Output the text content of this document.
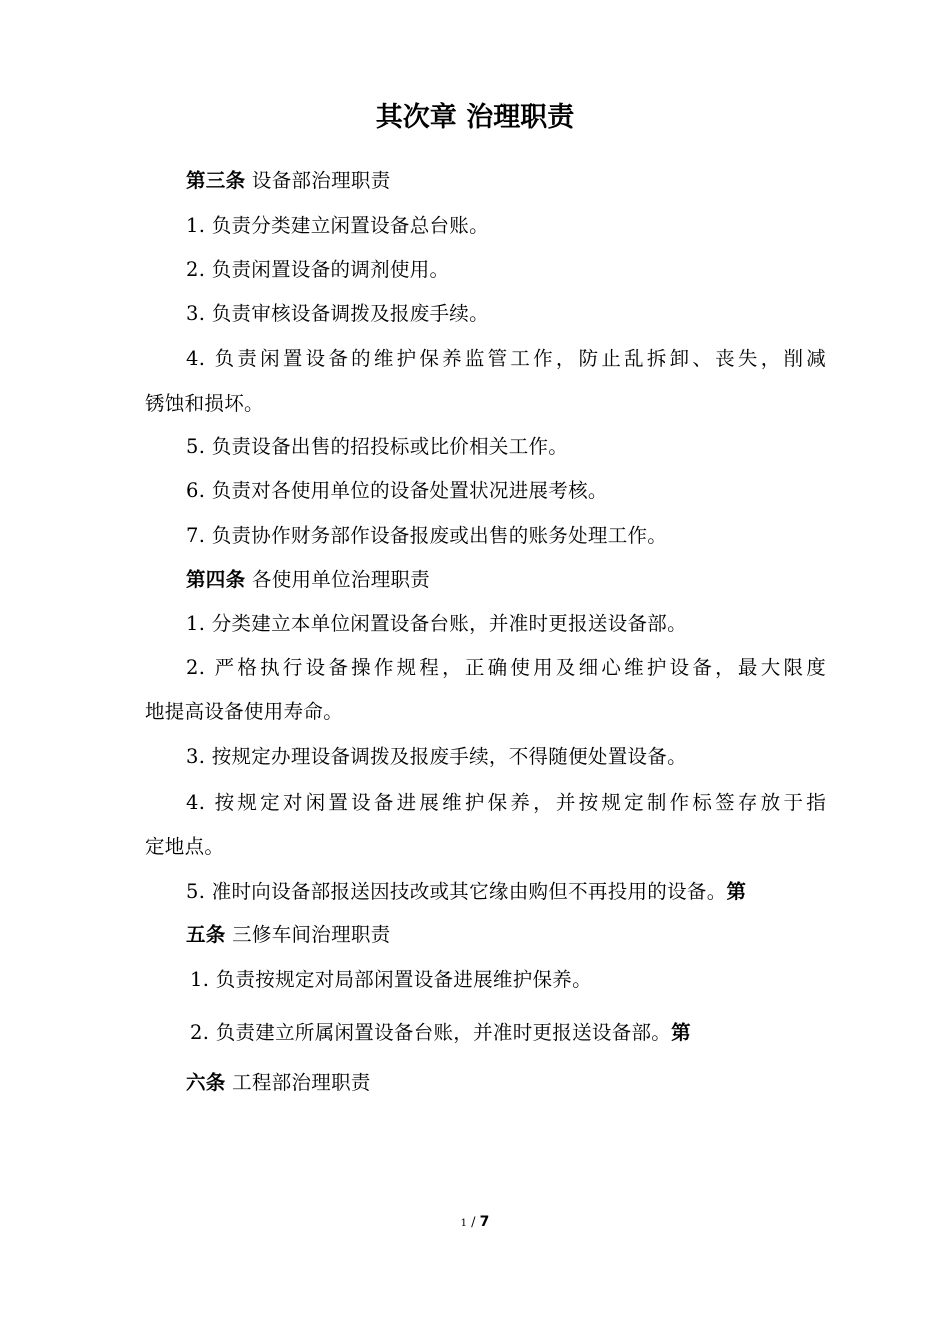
其次章 治理职责
第三条 设备部治理职责
1. 负责分类建立闲置设备总台账。
2. 负责闲置设备的调剂使用。
3. 负责审核设备调拨及报废手续。
4. 负责闲置设备的维护保养监管工作，防止乱拆卸、丧失，削减
锈蚀和损坏。
5. 负责设备出售的招投标或比价相关工作。
6. 负责对各使用单位的设备处置状况进展考核。
7. 负责协作财务部作设备报废或出售的账务处理工作。
第四条 各使用单位治理职责
1. 分类建立本单位闲置设备台账，并准时更报送设备部。
2. 严格执行设备操作规程，正确使用及细心维护设备，最大限度
地提高设备使用寿命。
3. 按规定办理设备调拨及报废手续，不得随便处置设备。
4. 按规定对闲置设备进展维护保养，并按规定制作标签存放于指
定地点。
5. 准时向设备部报送因技改或其它缘由购但不再投用的设备。第
五条 三修车间治理职责
1. 负责按规定对局部闲置设备进展维护保养。
2. 负责建立所属闲置设备台账，并准时更报送设备部。第
六条 工程部治理职责
1 / 7
